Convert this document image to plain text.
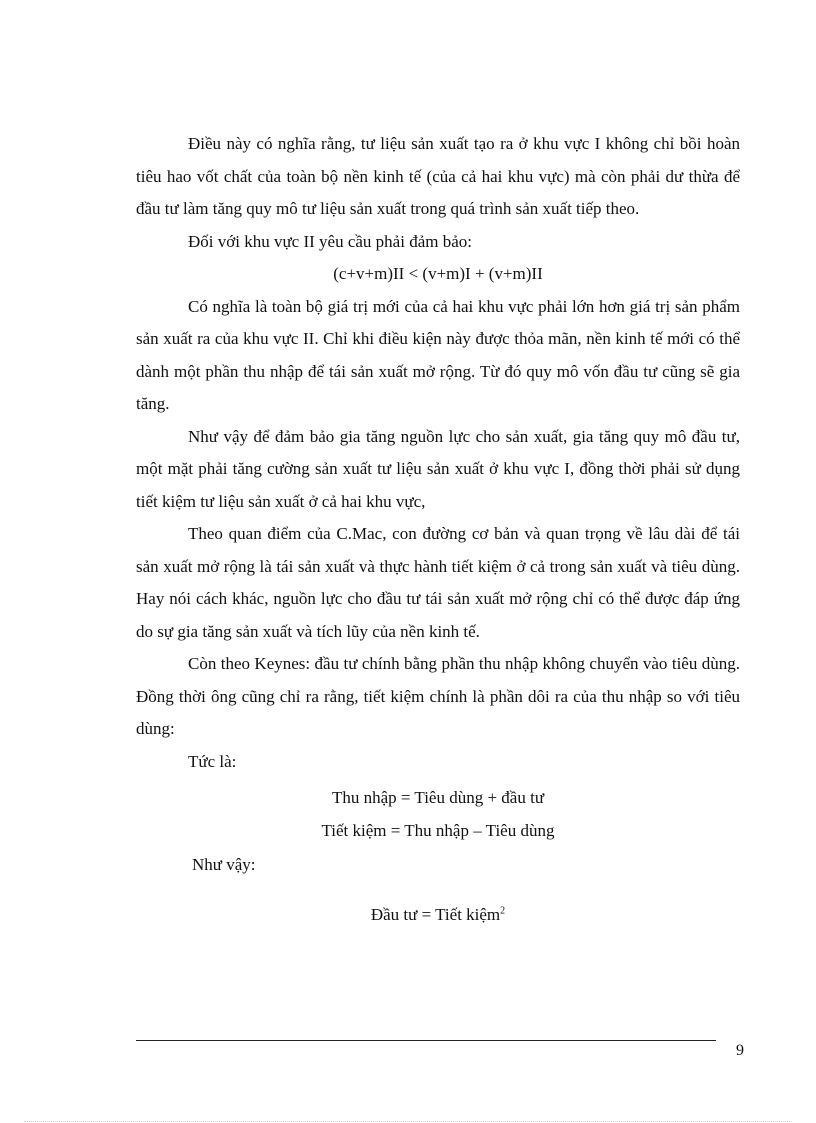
Điều này có nghĩa rằng, tư liệu sản xuất tạo ra ở khu vực I không chỉ bồi hoàn tiêu hao vốt chất của toàn bộ nền kinh tế (của cả hai khu vực) mà còn phải dư thừa để đầu tư làm tăng quy mô tư liệu sản xuất trong quá trình sản xuất tiếp theo.

Đối với khu vực II yêu cầu phải đảm bảo:

(c+v+m)II < (v+m)I + (v+m)II

Có nghĩa là toàn bộ giá trị mới của cả hai khu vực phải lớn hơn giá trị sản phẩm sản xuất ra của khu vực II. Chỉ khi điều kiện này được thỏa mãn, nền kinh tế mới có thể dành một phần thu nhập để tái sản xuất mở rộng. Từ đó quy mô vốn đầu tư cũng sẽ gia tăng.

Như vậy để đảm bảo gia tăng nguồn lực cho sản xuất, gia tăng quy mô đầu tư, một mặt phải tăng cường sản xuất tư liệu sản xuất ở khu vực I, đồng thời phải sử dụng tiết kiệm tư liệu sản xuất ở cả hai khu vực,

Theo quan điểm của C.Mac, con đường cơ bản và quan trọng về lâu dài để tái sản xuất mở rộng là tái sản xuất và thực hành tiết kiệm ở cả trong sản xuất và tiêu dùng. Hay nói cách khác, nguồn lực cho đầu tư tái sản xuất mở rộng chỉ có thể được đáp ứng do sự gia tăng sản xuất và tích lũy của nền kinh tế.

Còn theo Keynes: đầu tư chính bằng phần thu nhập không chuyển vào tiêu dùng. Đồng thời ông cũng chỉ ra rằng, tiết kiệm chính là phần dôi ra của thu nhập so với tiêu dùng:

Tức là:

Thu nhập = Tiêu dùng + đầu tư

Tiết kiệm = Thu nhập – Tiêu dùng

Như vậy:

Đầu tư = Tiết kiệm$^2$

9
